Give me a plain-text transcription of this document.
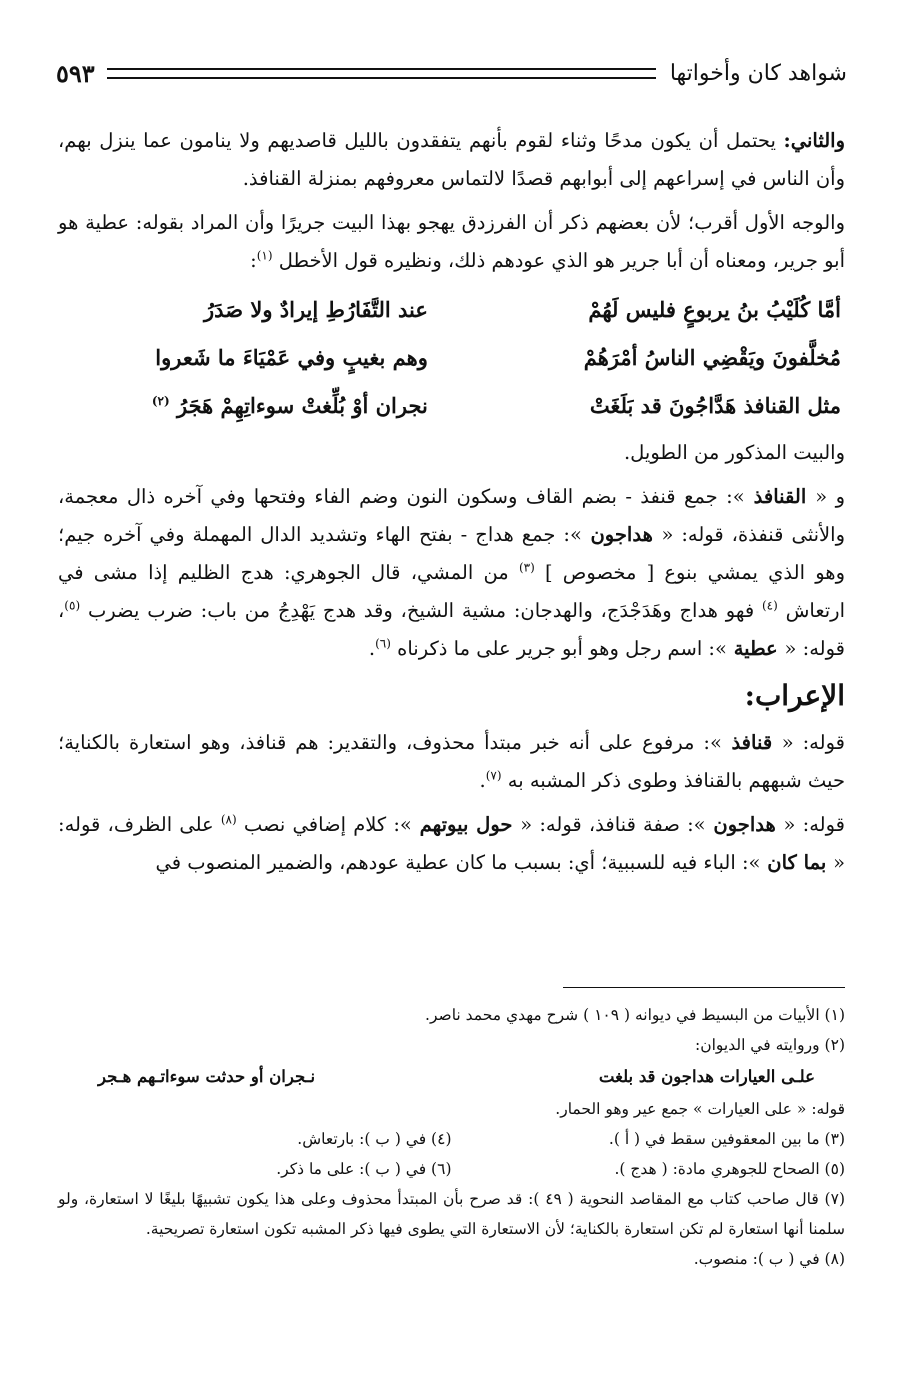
شواهد كان وأخواتها
٥٩٣

والثاني: يحتمل أن يكون مدحًا وثناء لقوم بأنهم يتفقدون بالليل قاصديهم ولا ينامون عما ينزل بهم، وأن الناس في إسراعهم إلى أبوابهم قصدًا لالتماس معروفهم بمنزلة القنافذ.

والوجه الأول أقرب؛ لأن بعضهم ذكر أن الفرزدق يهجو بهذا البيت جريرًا وأن المراد بقوله: عطية هو أبو جرير، ومعناه أن أبا جرير هو الذي عودهم ذلك، ونظيره قول الأخطل $^{(١)}$:

أمَّا كُلَيْبُ بنُ يربوعٍ فليس لَهُمْ
عند التَّفَارُطِ إيرادٌ ولا صَدَرُ
مُخلَّفونَ ويَقْضِي الناسُ أمْرَهُمْ
وهم بغيبٍ وفي عَمْيَاءَ ما شَعروا
مثل القنافذ هَدَّاجُونَ قد بَلَغَتْ
نجران أوْ بُلِّغتْ سوءاتِهِمْ هَجَرُ $^{(٢)}$

والبيت المذكور من الطويل.

و « القنافذ »: جمع قنفذ - بضم القاف وسكون النون وضم الفاء وفتحها وفي آخره ذال معجمة، والأنثى قنفذة، قوله: « هداجون »: جمع هداج - بفتح الهاء وتشديد الدال المهملة وفي آخره جيم؛ وهو الذي يمشي بنوع [ مخصوص ] $^{(٣)}$ من المشي، قال الجوهري: هدج الظليم إذا مشى في ارتعاش $^{(٤)}$ فهو هداج وهَدَجْدَج، والهدجان: مشية الشيخ، وقد هدج يَهْدِجُ من باب: ضرب يضرب $^{(٥)}$، قوله: « عطية »: اسم رجل وهو أبو جرير على ما ذكرناه $^{(٦)}$.

الإعراب:

قوله: « قنافذ »: مرفوع على أنه خبر مبتدأ محذوف، والتقدير: هم قنافذ، وهو استعارة بالكناية؛ حيث شبههم بالقنافذ وطوى ذكر المشبه به $^{(٧)}$.

قوله: « هداجون »: صفة قنافذ، قوله: « حول بيوتهم »: كلام إضافي نصب $^{(٨)}$ على الظرف، قوله: « بما كان »: الباء فيه للسببية؛ أي: بسبب ما كان عطية عودهم، والضمير المنصوب في

(١) الأبيات من البسيط في ديوانه ( ١٠٩ ) شرح مهدي محمد ناصر.

(٢) وروايته في الديوان:

علـى العيارات هداجون قد بلغت
نـجران أو حدثت سوءاتـهم هـجر

قوله: « على العيارات » جمع عير وهو الحمار.

(٣) ما بين المعقوفين سقط في ( أ ).

(٤) في ( ب ): بارتعاش.

(٥) الصحاح للجوهري مادة: ( هدج ).

(٦) في ( ب ): على ما ذكر.

(٧) قال صاحب كتاب مع المقاصد النحوية ( ٤٩ ): قد صرح بأن المبتدأ محذوف وعلى هذا يكون تشبيهًا بليغًا لا استعارة، ولو سلمنا أنها استعارة لم تكن استعارة بالكناية؛ لأن الاستعارة التي يطوى فيها ذكر المشبه تكون استعارة تصريحية.

(٨) في ( ب ): منصوب.
